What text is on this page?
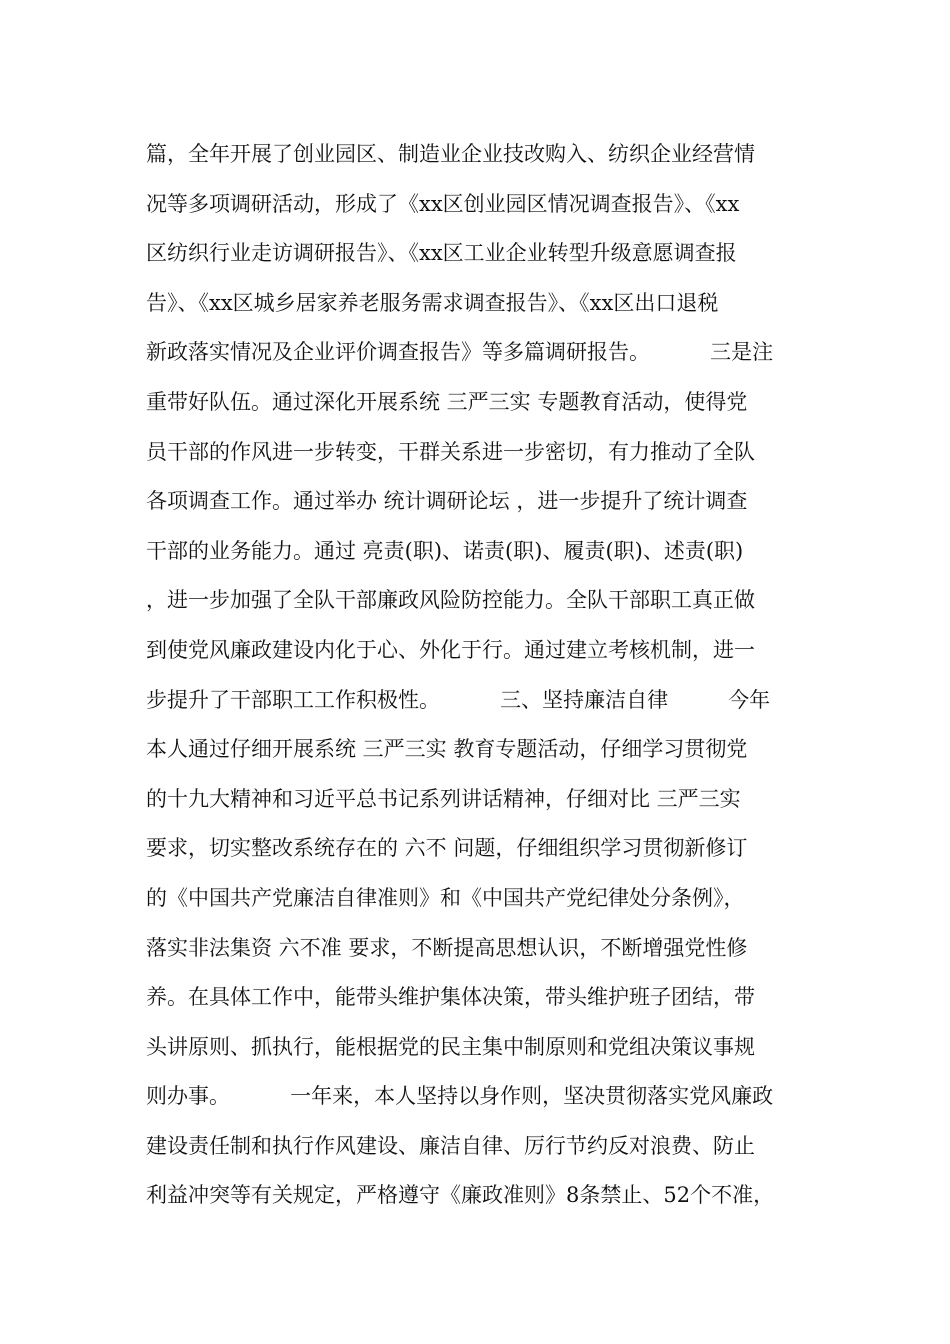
篇，全年开展了创业园区、制造业企业技改购入、纺织企业经营情
况等多项调研活动，形成了《xx区创业园区情况调查报告》、《xx
区纺织行业走访调研报告》、《xx区工业企业转型升级意愿调查报
告》、《xx区城乡居家养老服务需求调查报告》、《xx区出口退税
新政落实情况及企业评价调查报告》等多篇调研报告。         三是注
重带好队伍。通过深化开展系统 三严三实 专题教育活动，使得党
员干部的作风进一步转变，干群关系进一步密切，有力推动了全队
各项调查工作。通过举办 统计调研论坛 ，进一步提升了统计调查
干部的业务能力。通过 亮责(职)、诺责(职)、履责(职)、述责(职)
，进一步加强了全队干部廉政风险防控能力。全队干部职工真正做
到使党风廉政建设内化于心、外化于行。通过建立考核机制，进一
步提升了干部职工工作积极性。         三、坚持廉洁自律         今年
本人通过仔细开展系统 三严三实 教育专题活动，仔细学习贯彻党
的十九大精神和习近平总书记系列讲话精神，仔细对比 三严三实
要求，切实整改系统存在的 六不 问题，仔细组织学习贯彻新修订
的《中国共产党廉洁自律准则》和《中国共产党纪律处分条例》，
落实非法集资 六不准 要求，不断提高思想认识，不断增强党性修
养。在具体工作中，能带头维护集体决策，带头维护班子团结，带
头讲原则、抓执行，能根据党的民主集中制原则和党组决策议事规
则办事。         一年来，本人坚持以身作则，坚决贯彻落实党风廉政
建设责任制和执行作风建设、廉洁自律、厉行节约反对浪费、防止
利益冲突等有关规定，严格遵守《廉政准则》8条禁止、52个不准，
